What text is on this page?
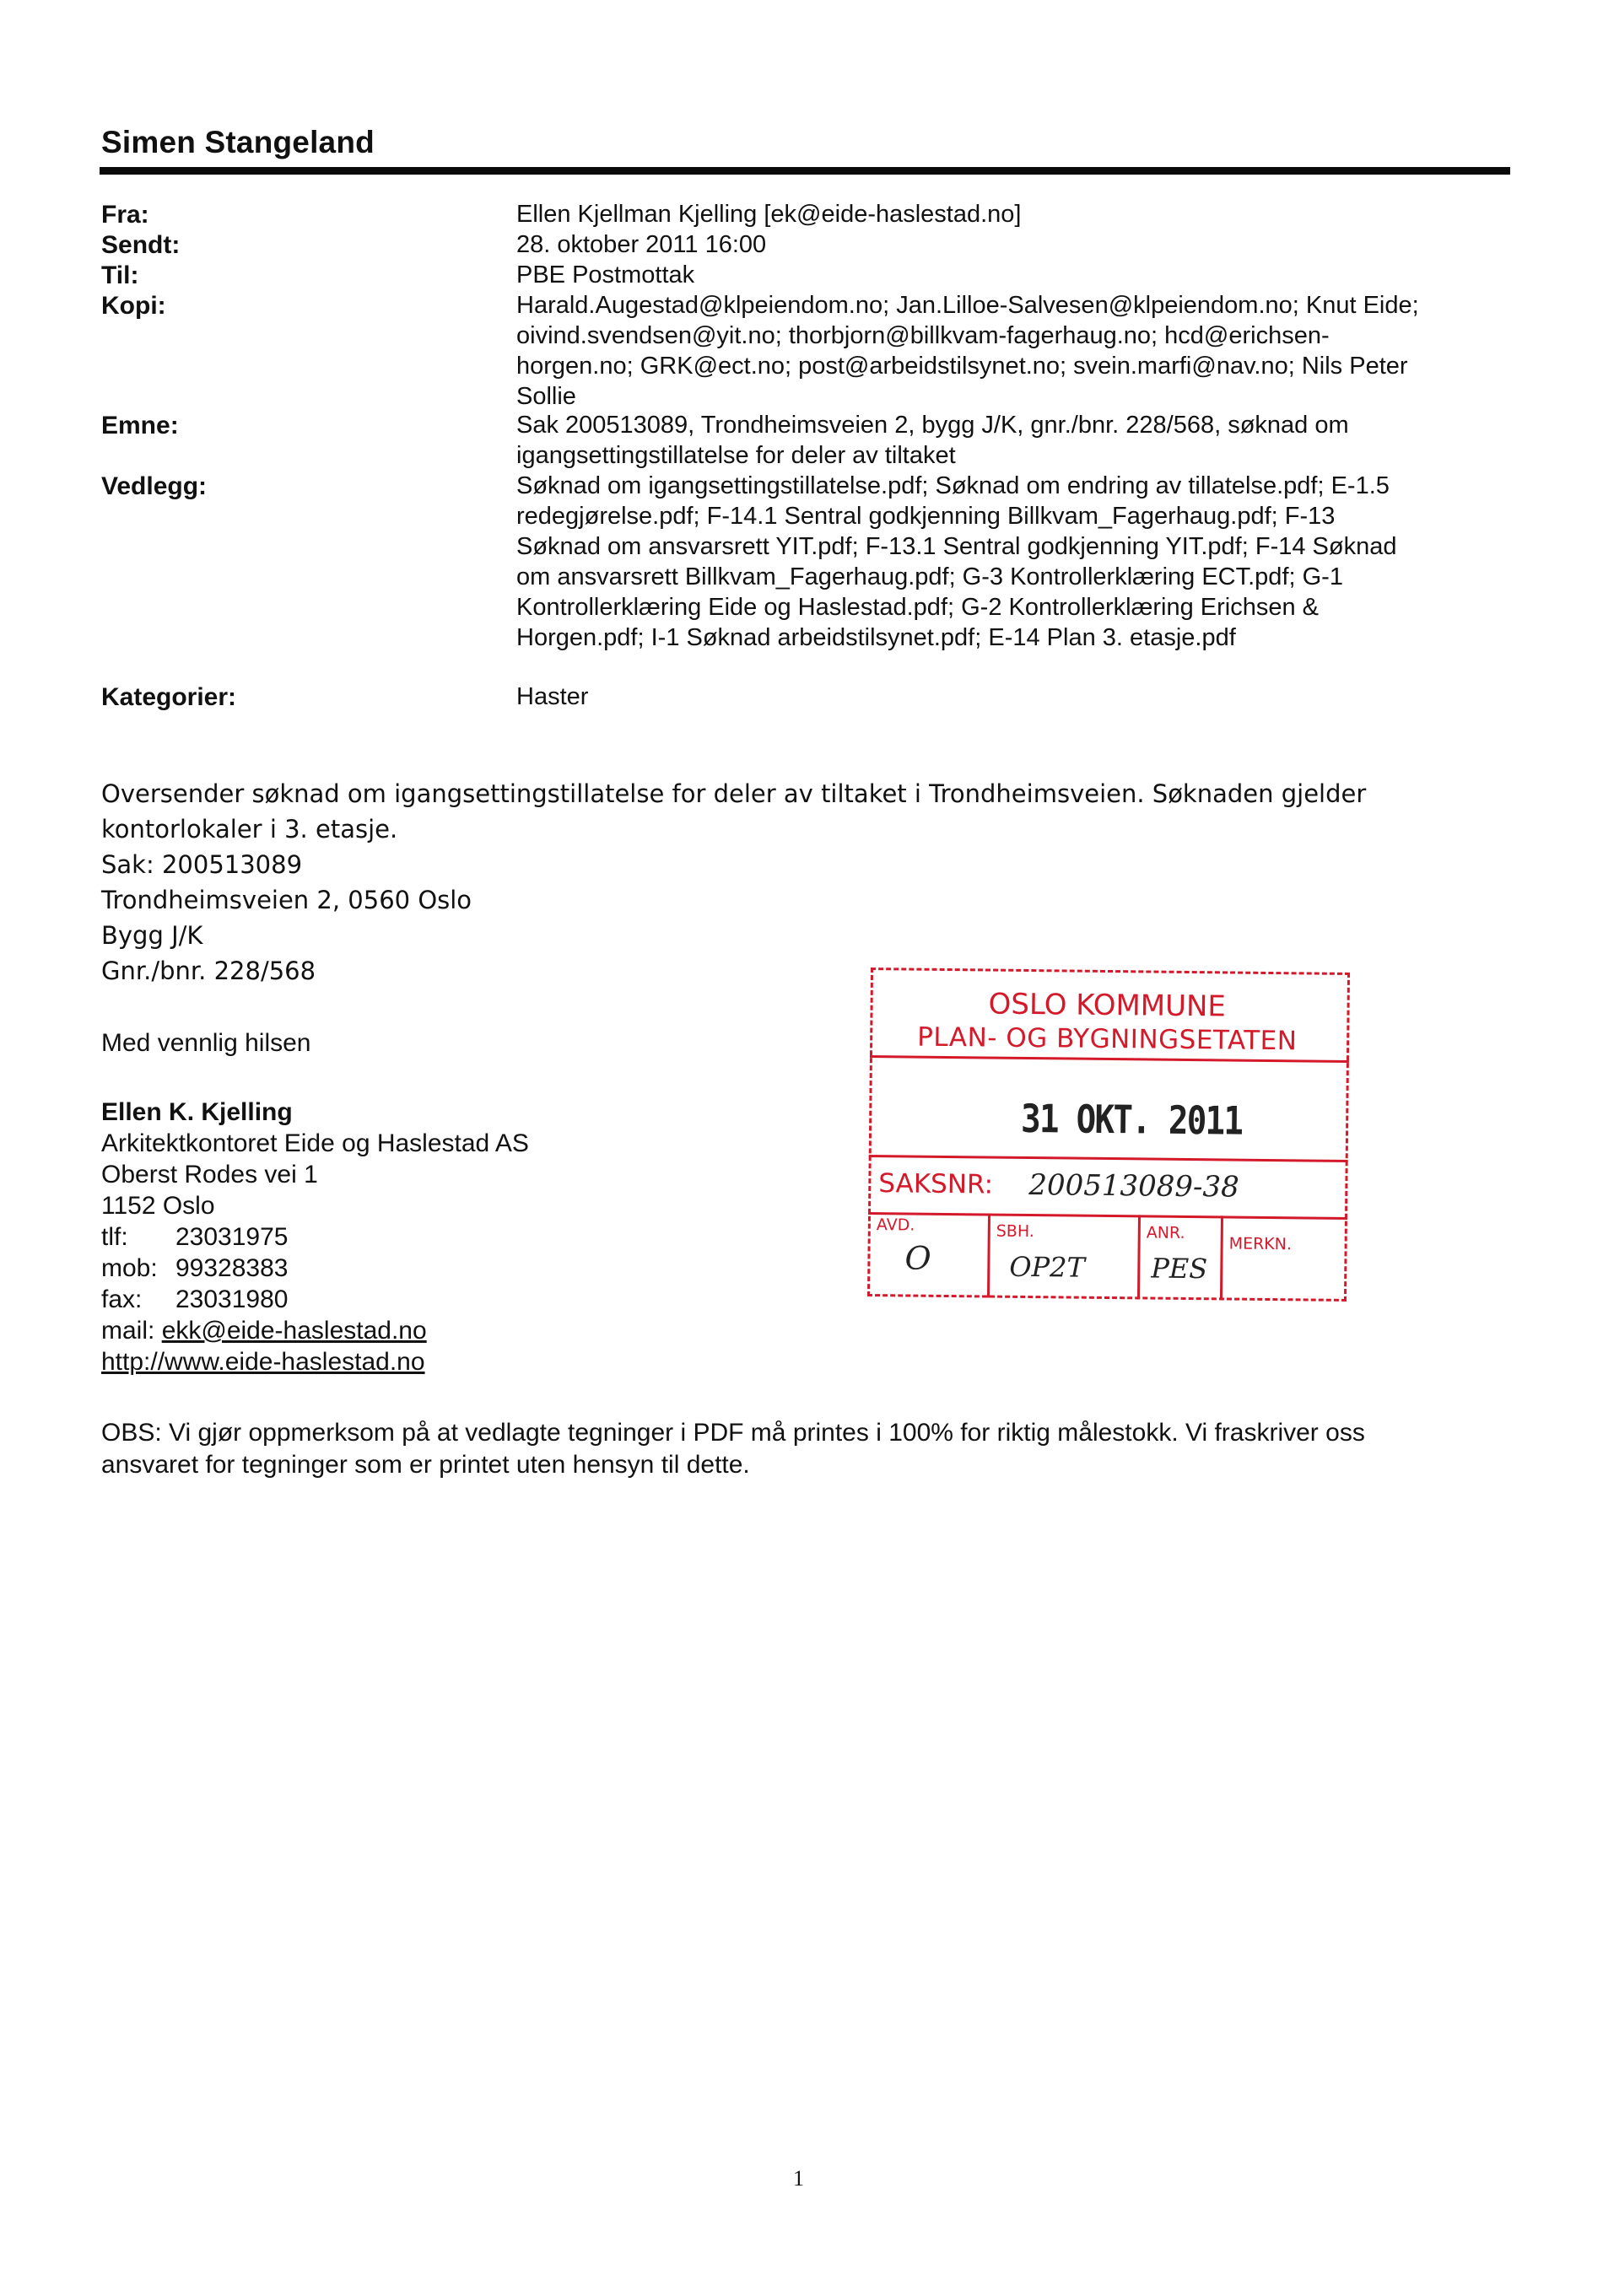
Simen Stangeland
Fra:	Ellen Kjellman Kjelling [ek@eide-haslestad.no]
Sendt:	28. oktober 2011 16:00
Til:	PBE Postmottak
Kopi:	Harald.Augestad@klpeiendom.no; Jan.Lilloe-Salvesen@klpeiendom.no; Knut Eide;
oivind.svendsen@yit.no; thorbjorn@billkvam-fagerhaug.no; hcd@erichsen-
horgen.no; GRK@ect.no; post@arbeidstilsynet.no; svein.marfi@nav.no; Nils Peter
Sollie
Emne:	Sak 200513089, Trondheimsveien 2, bygg J/K, gnr./bnr. 228/568, søknad om
igangsettingstillatelse for deler av tiltaket
Vedlegg:	Søknad om igangsettingstillatelse.pdf; Søknad om endring av tillatelse.pdf; E-1.5
redegjørelse.pdf; F-14.1 Sentral godkjenning Billkvam_Fagerhaug.pdf; F-13
Søknad om ansvarsrett YIT.pdf; F-13.1 Sentral godkjenning YIT.pdf; F-14 Søknad
om ansvarsrett Billkvam_Fagerhaug.pdf; G-3 Kontrollerklæring ECT.pdf; G-1
Kontrollerklæring Eide og Haslestad.pdf; G-2 Kontrollerklæring Erichsen &
Horgen.pdf; I-1 Søknad arbeidstilsynet.pdf; E-14 Plan 3. etasje.pdf
Kategorier:	Haster
Oversender søknad om igangsettingstillatelse for deler av tiltaket i Trondheimsveien. Søknaden gjelder
kontorlokaler i 3. etasje.
Sak: 200513089
Trondheimsveien 2, 0560 Oslo
Bygg J/K
Gnr./bnr. 228/568
Med vennlig hilsen
Ellen K. Kjelling
Arkitektkontoret Eide og Haslestad AS
Oberst Rodes vei 1
1152 Oslo
tlf: 23031975
mob: 99328383
fax: 23031980
mail: ekk@eide-haslestad.no
http://www.eide-haslestad.no
OBS: Vi gjør oppmerksom på at vedlagte tegninger i PDF må printes i 100% for riktig målestokk. Vi fraskriver oss
ansvaret for tegninger som er printet uten hensyn til dette.
OSLO KOMMUNE
PLAN- OG BYGNINGSETATEN
31 OKT. 2011
SAKSNR: 200513089-38
AVD.
O
SBH.
OP2T
ANR.
PES
MERKN.
1
